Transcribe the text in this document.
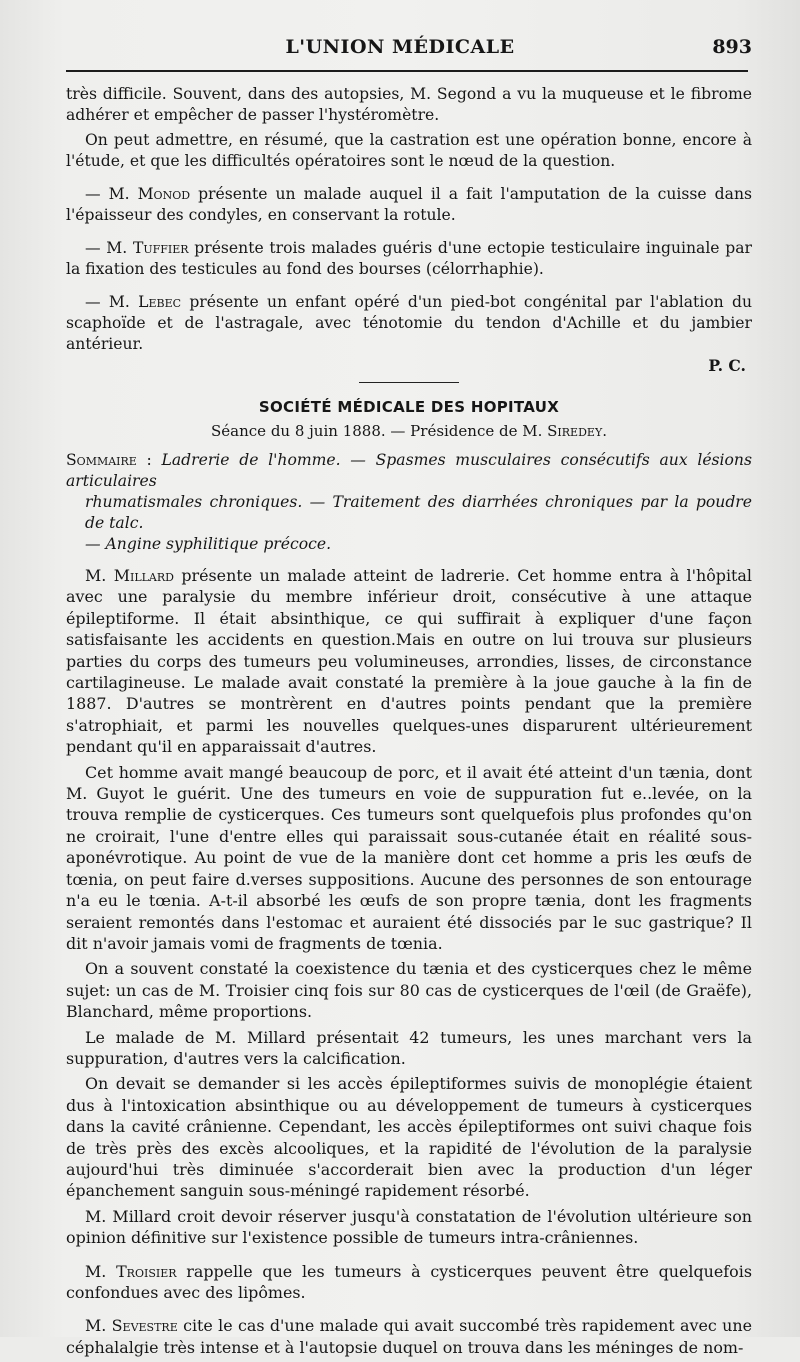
L'UNION MÉDICALE	893

très difficile. Souvent, dans des autopsies, M. Segond a vu la muqueuse et le fibrome adhérer et empêcher de passer l'hystéromètre.

On peut admettre, en résumé, que la castration est une opération bonne, encore à l'étude, et que les difficultés opératoires sont le nœud de la question.

— M. Monod présente un malade auquel il a fait l'amputation de la cuisse dans l'épaisseur des condyles, en conservant la rotule.

— M. Tuffier présente trois malades guéris d'une ectopie testiculaire inguinale par la fixation des testicules au fond des bourses (célorrhaphie).

— M. Lebec présente un enfant opéré d'un pied-bot congénital par l'ablation du scaphoïde et de l'astragale, avec ténotomie du tendon d'Achille et du jambier antérieur.

P. C.
SOCIÉTÉ MÉDICALE DES HOPITAUX
Séance du 8 juin 1888. — Présidence de M. Siredey.
Sommaire : Ladrerie de l'homme. — Spasmes musculaires consécutifs aux lésions articulaires
rhumatismales chroniques. — Traitement des diarrhées chroniques par la poudre de talc.
— Angine syphilitique précoce.

M. Millard présente un malade atteint de ladrerie. Cet homme entra à l'hôpital avec une paralysie du membre inférieur droit, consécutive à une attaque épileptiforme. Il était absinthique, ce qui suffirait à expliquer d'une façon satisfaisante les accidents en question.Mais en outre on lui trouva sur plusieurs parties du corps des tumeurs peu volumineuses, arrondies, lisses, de circonstance cartilagineuse. Le malade avait constaté la première à la joue gauche à la fin de 1887. D'autres se montrèrent en d'autres points pendant que la première s'atrophiait, et parmi les nouvelles quelques-unes disparurent ultérieurement pendant qu'il en apparaissait d'autres.

Cet homme avait mangé beaucoup de porc, et il avait été atteint d'un tænia, dont M. Guyot le guérit. Une des tumeurs en voie de suppuration fut e..levée, on la trouva remplie de cysticerques. Ces tumeurs sont quelquefois plus profondes qu'on ne croirait, l'une d'entre elles qui paraissait sous-cutanée était en réalité sous-aponévrotique. Au point de vue de la manière dont cet homme a pris les œufs de tœnia, on peut faire d.verses suppositions. Aucune des personnes de son entourage n'a eu le tœnia. A-t-il absorbé les œufs de son propre tænia, dont les fragments seraient remontés dans l'estomac et auraient été dissociés par le suc gastrique? Il dit n'avoir jamais vomi de fragments de tœnia.

On a souvent constaté la coexistence du tænia et des cysticerques chez le même sujet: un cas de M. Troisier cinq fois sur 80 cas de cysticerques de l'œil (de Graëfe), Blanchard, même proportions.

Le malade de M. Millard présentait 42 tumeurs, les unes marchant vers la suppuration, d'autres vers la calcification.

On devait se demander si les accès épileptiformes suivis de monoplégie étaient dus à l'intoxication absinthique ou au développement de tumeurs à cysticerques dans la cavité crânienne. Cependant, les accès épileptiformes ont suivi chaque fois de très près des excès alcooliques, et la rapidité de l'évolution de la paralysie aujourd'hui très diminuée s'accorderait bien avec la production d'un léger épanchement sanguin sous-méningé rapidement résorbé.

M. Millard croit devoir réserver jusqu'à constatation de l'évolution ultérieure son opinion définitive sur l'existence possible de tumeurs intra-crâniennes.

M. Troisier rappelle que les tumeurs à cysticerques peuvent être quelquefois confondues avec des lipômes.

M. Sevestre cite le cas d'une malade qui avait succombé très rapidement avec une céphalalgie très intense et à l'autopsie duquel on trouva dans les méninges de nom-
